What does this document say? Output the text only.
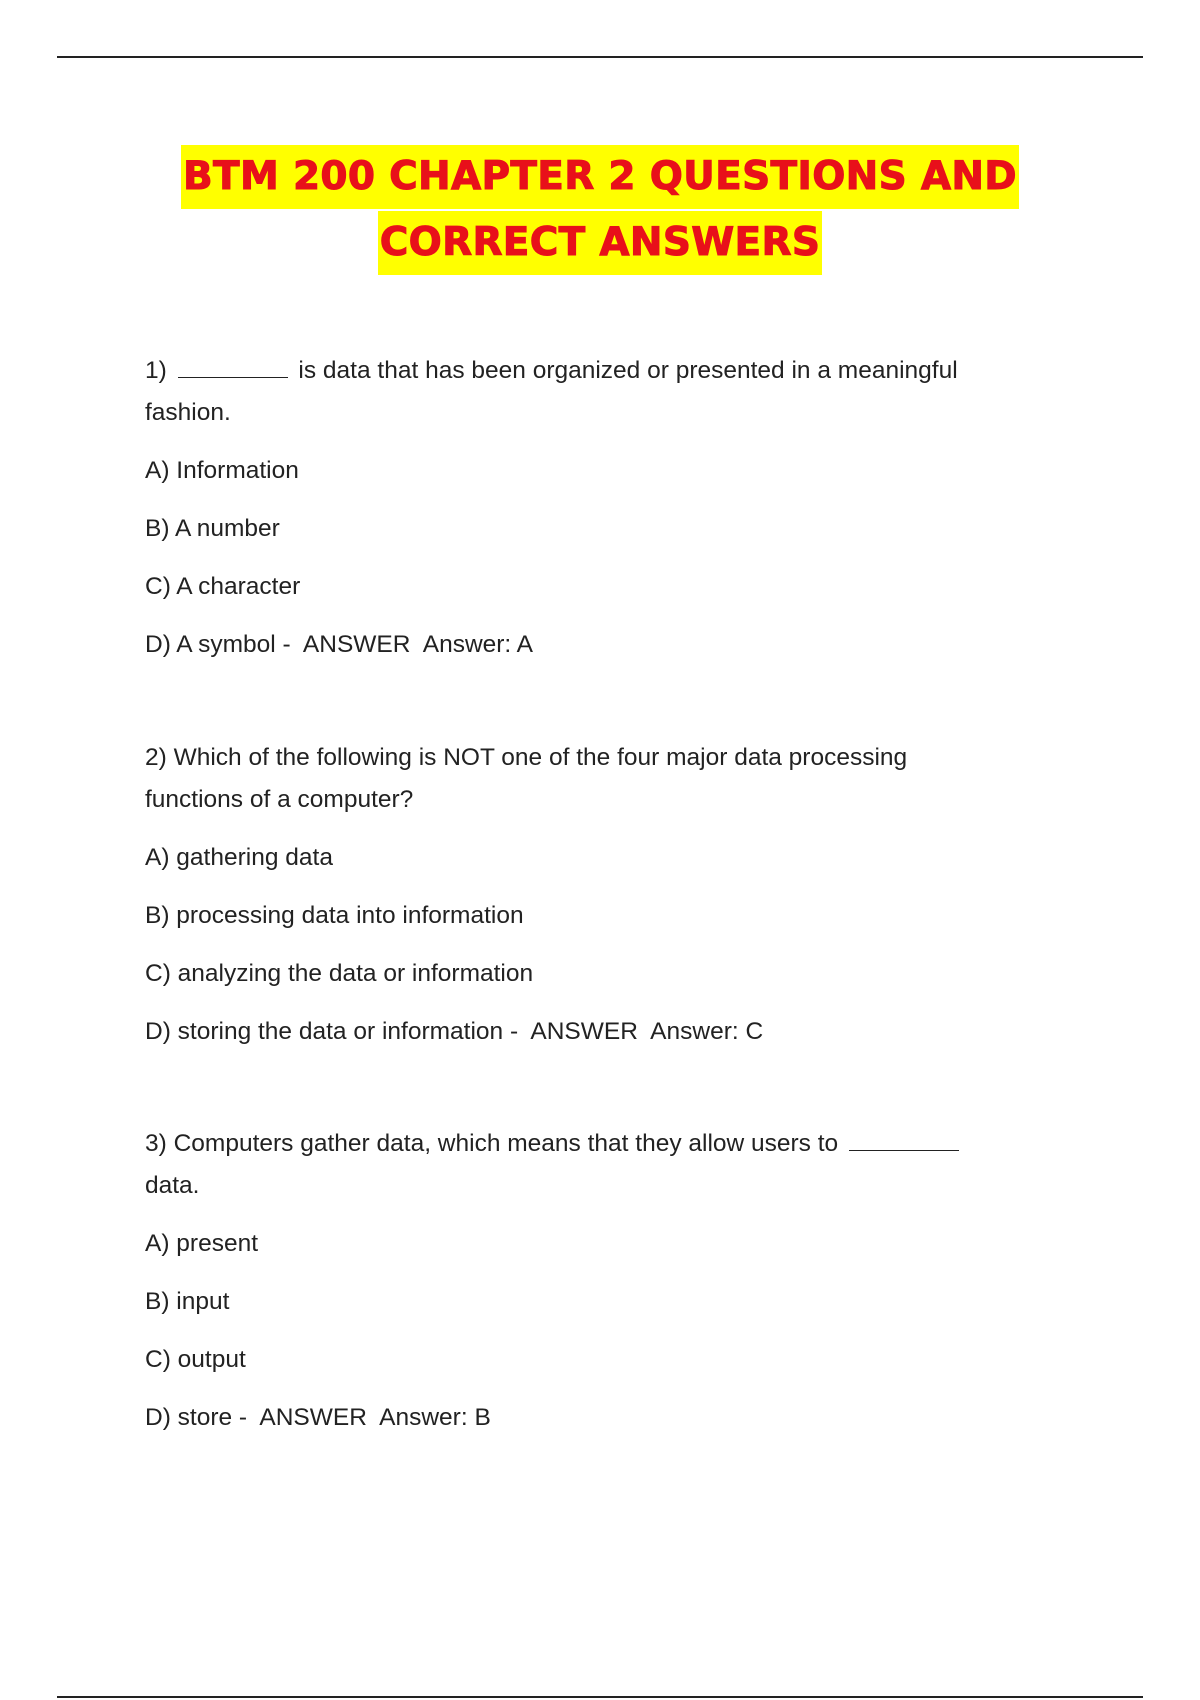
BTM 200 CHAPTER 2 QUESTIONS AND
CORRECT ANSWERS

1)	is data that has been organized or presented in a meaningful

fashion.

A) Information

B) A number

C) A character

D) A symbol -  ANSWER  Answer: A

2) Which of the following is NOT one of the four major data processing

functions of a computer?

A) gathering data

B) processing data into information

C) analyzing the data or information

D) storing the data or information -  ANSWER  Answer: C

3) Computers gather data, which means that they allow users to

data.

A) present

B) input

C) output

D) store -  ANSWER  Answer: B
